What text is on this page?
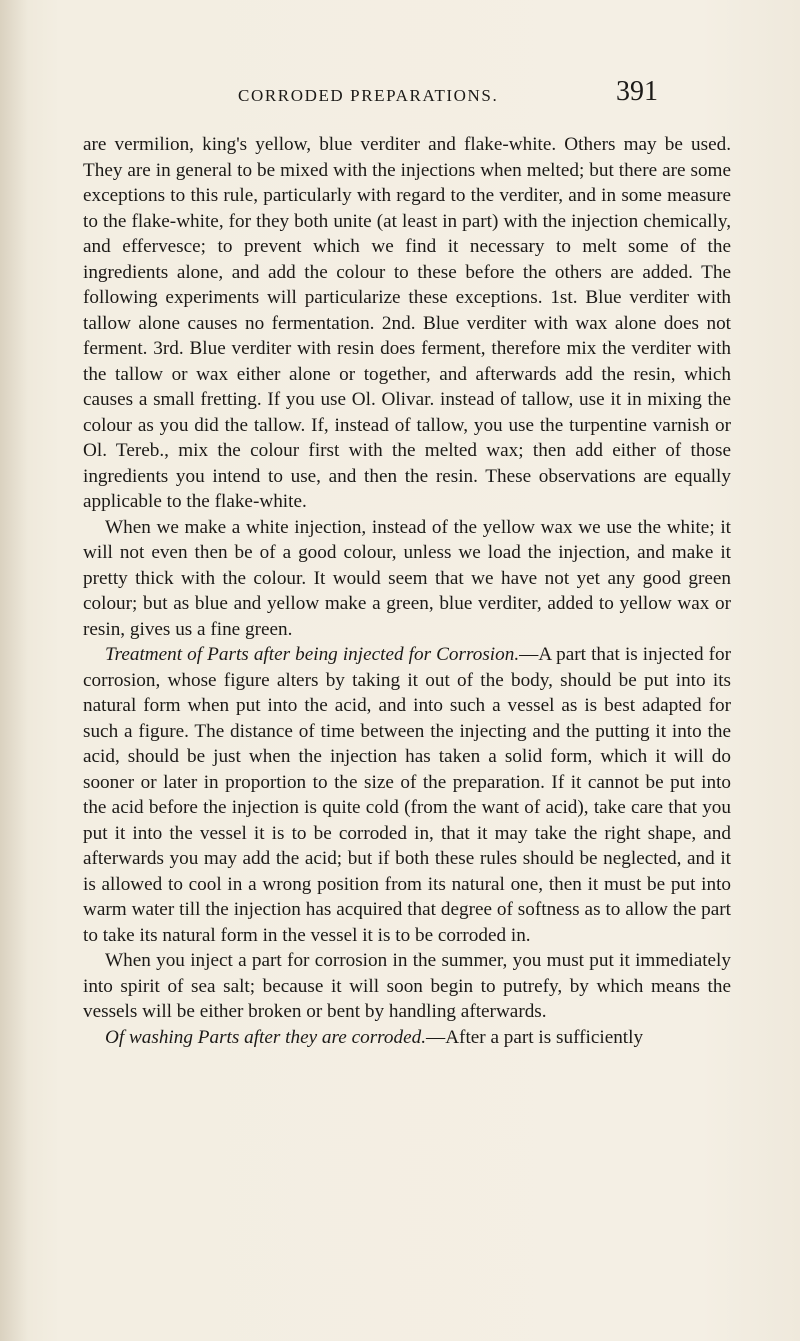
CORRODED PREPARATIONS.	391

are vermilion, king's yellow, blue verditer and flake-white. Others may be used. They are in general to be mixed with the injections when melted; but there are some exceptions to this rule, particularly with regard to the verditer, and in some measure to the flake-white, for they both unite (at least in part) with the injection chemically, and effervesce; to prevent which we find it necessary to melt some of the ingredients alone, and add the colour to these before the others are added. The following experiments will particularize these exceptions. 1st. Blue verditer with tallow alone causes no fermentation. 2nd. Blue verditer with wax alone does not ferment. 3rd. Blue verditer with resin does ferment, therefore mix the verditer with the tallow or wax either alone or together, and afterwards add the resin, which causes a small fretting. If you use Ol. Olivar. instead of tallow, use it in mixing the colour as you did the tallow. If, instead of tallow, you use the turpentine varnish or Ol. Tereb., mix the colour first with the melted wax; then add either of those ingredients you intend to use, and then the resin. These observations are equally applicable to the flake-white.

When we make a white injection, instead of the yellow wax we use the white; it will not even then be of a good colour, unless we load the injection, and make it pretty thick with the colour. It would seem that we have not yet any good green colour; but as blue and yellow make a green, blue verditer, added to yellow wax or resin, gives us a fine green.

Treatment of Parts after being injected for Corrosion.—A part that is injected for corrosion, whose figure alters by taking it out of the body, should be put into its natural form when put into the acid, and into such a vessel as is best adapted for such a figure. The distance of time between the injecting and the putting it into the acid, should be just when the injection has taken a solid form, which it will do sooner or later in proportion to the size of the preparation. If it cannot be put into the acid before the injection is quite cold (from the want of acid), take care that you put it into the vessel it is to be corroded in, that it may take the right shape, and afterwards you may add the acid; but if both these rules should be neglected, and it is allowed to cool in a wrong position from its natural one, then it must be put into warm water till the injection has acquired that degree of softness as to allow the part to take its natural form in the vessel it is to be corroded in.

When you inject a part for corrosion in the summer, you must put it immediately into spirit of sea salt; because it will soon begin to putrefy, by which means the vessels will be either broken or bent by handling afterwards.

Of washing Parts after they are corroded.—After a part is sufficiently
